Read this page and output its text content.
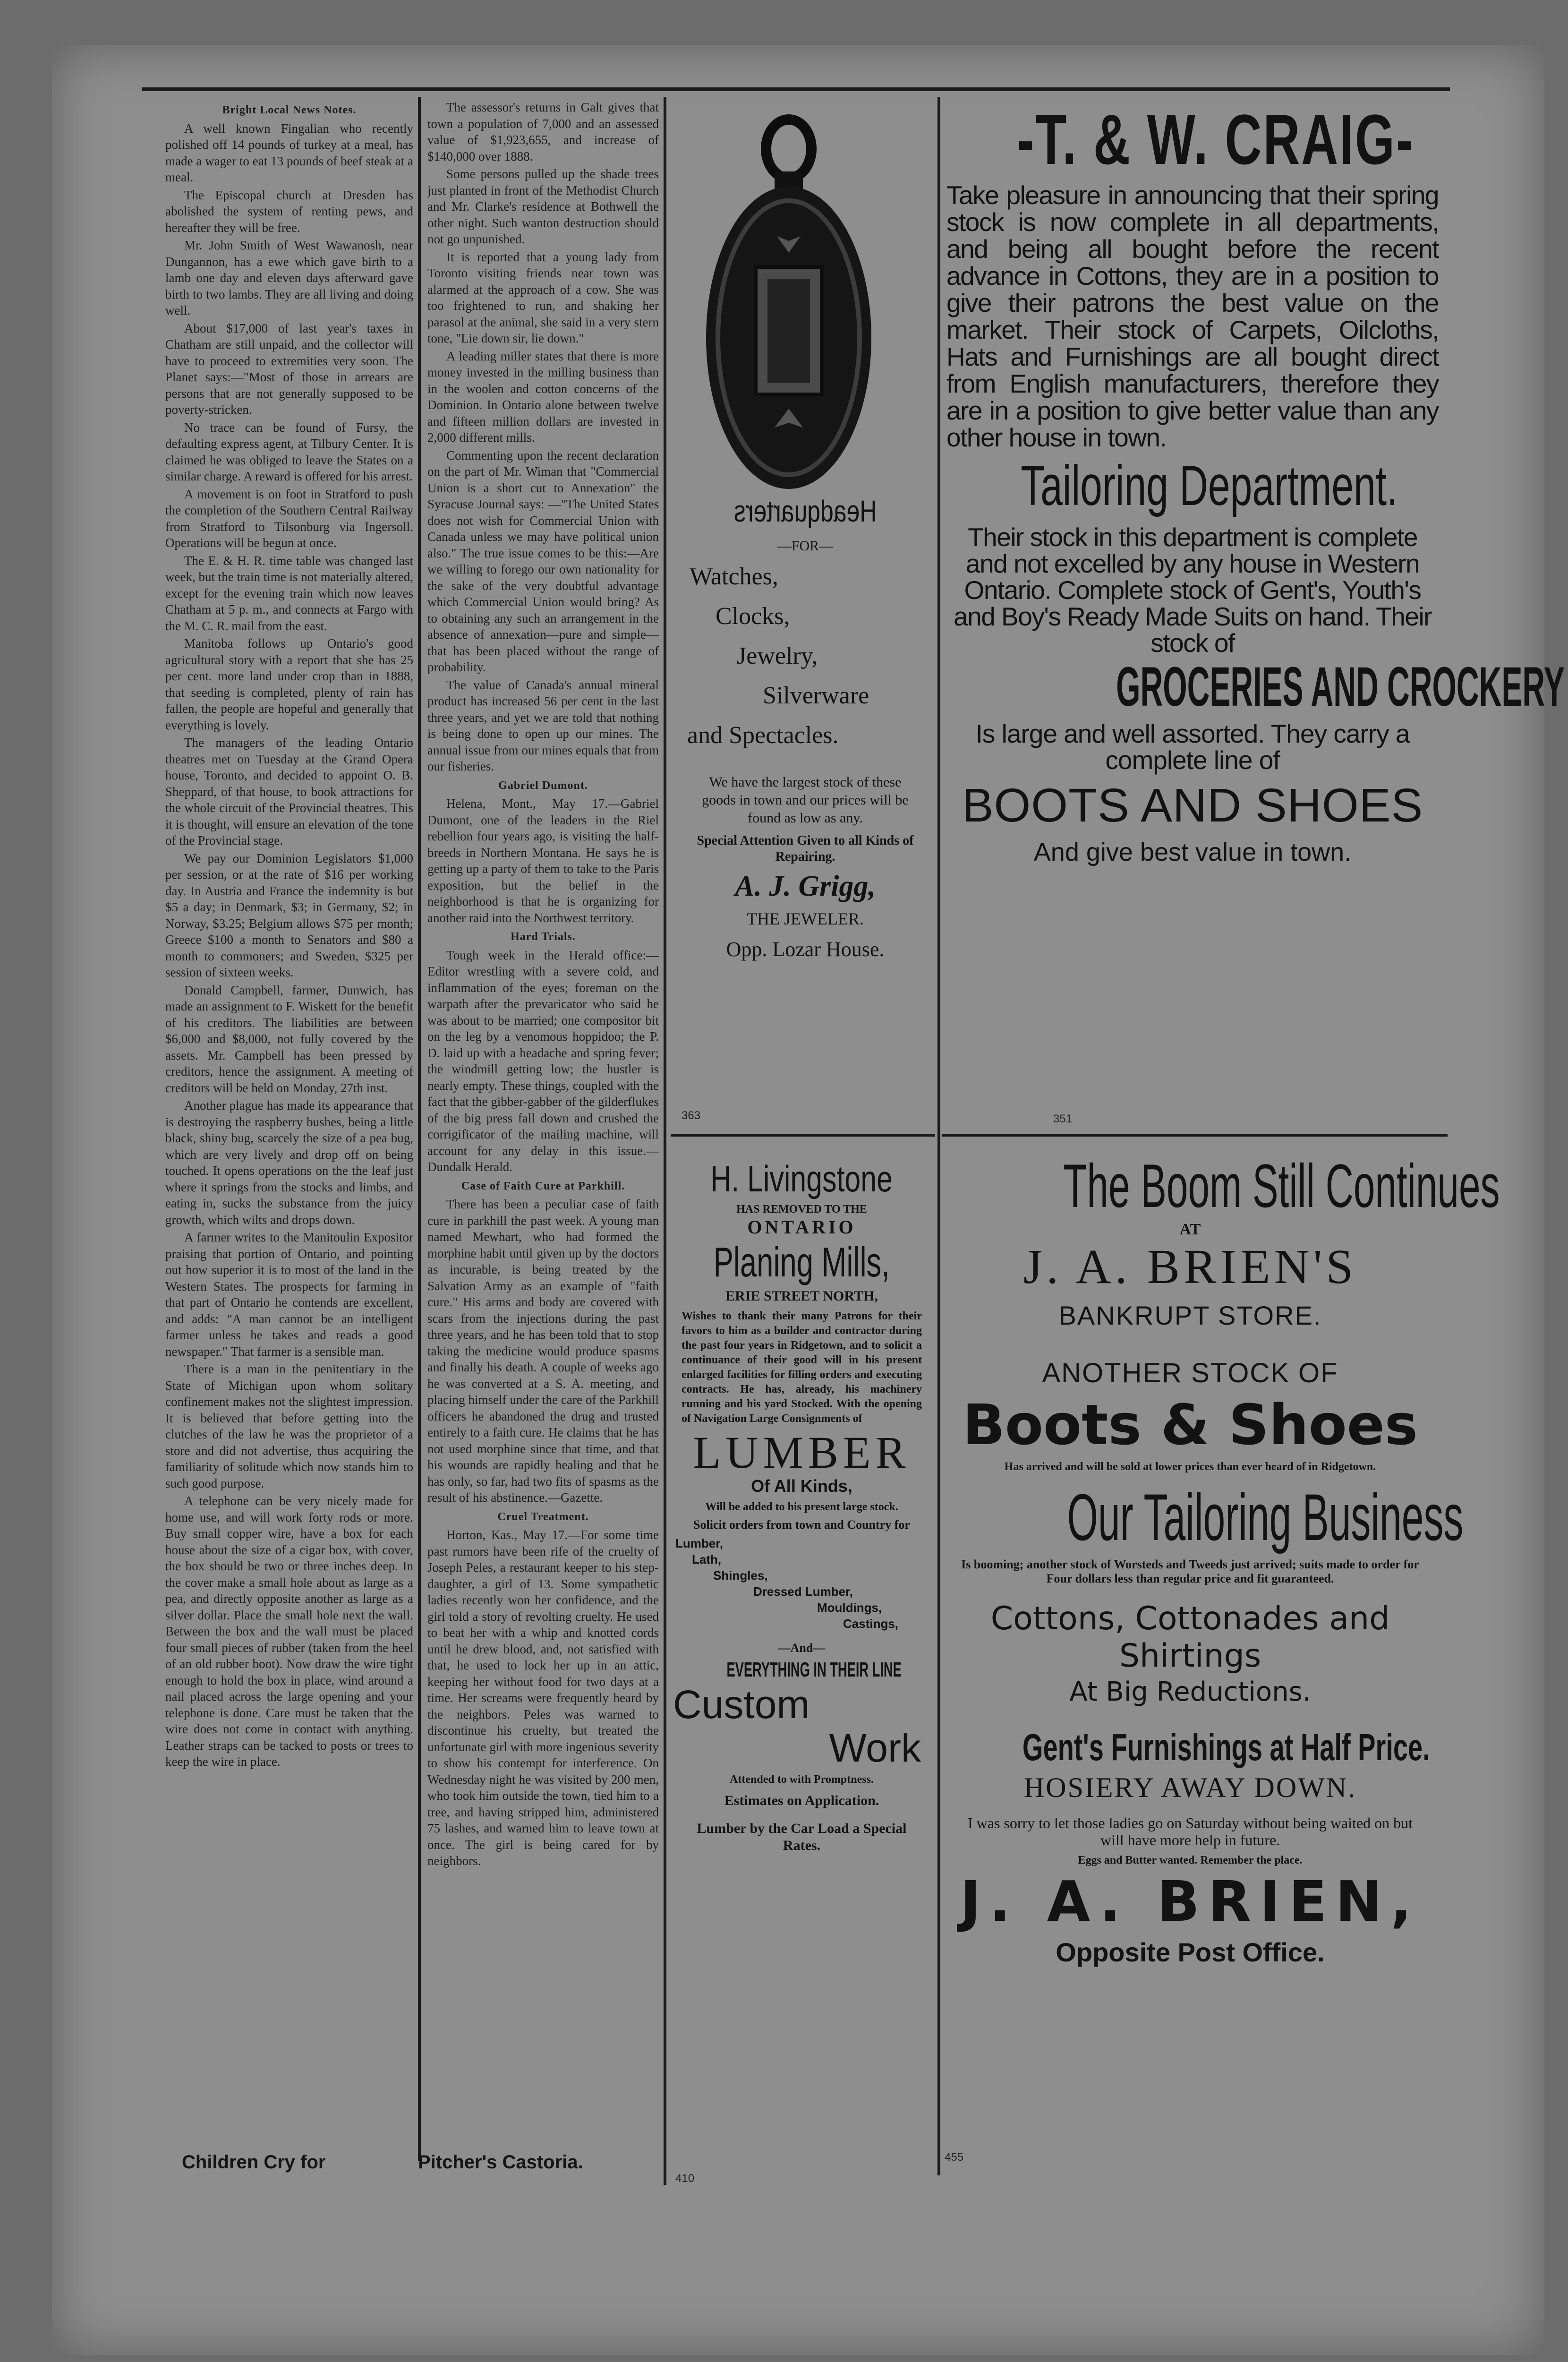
Bright Local News Notes.

A well known Fingalian who recently polished off 14 pounds of turkey at a meal, has made a wager to eat 13 pounds of beef steak at a meal.

The Episcopal church at Dresden has abolished the system of renting pews, and hereafter they will be free.

Mr. John Smith of West Wawanosh, near Dungannon, has a ewe which gave birth to a lamb one day and eleven days afterward gave birth to two lambs. They are all living and doing well.

About $17,000 of last year's taxes in Chatham are still unpaid, and the collector will have to proceed to extremities very soon. The Planet says:—"Most of those in arrears are persons that are not generally supposed to be poverty-stricken.

No trace can be found of Fursy, the defaulting express agent, at Tilbury Center. It is claimed he was obliged to leave the States on a similar charge. A reward is offered for his arrest.

A movement is on foot in Stratford to push the completion of the Southern Central Railway from Stratford to Tilsonburg via Ingersoll. Operations will be begun at once.

The E. & H. R. time table was changed last week, but the train time is not materially altered, except for the evening train which now leaves Chatham at 5 p. m., and connects at Fargo with the M. C. R. mail from the east.

Manitoba follows up Ontario's good agricultural story with a report that she has 25 per cent. more land under crop than in 1888, that seeding is completed, plenty of rain has fallen, the people are hopeful and generally that everything is lovely.

The managers of the leading Ontario theatres met on Tuesday at the Grand Opera house, Toronto, and decided to appoint O. B. Sheppard, of that house, to book attractions for the whole circuit of the Provincial theatres. This it is thought, will ensure an elevation of the tone of the Provincial stage.

We pay our Dominion Legislators $1,000 per session, or at the rate of $16 per working day. In Austria and France the indemnity is but $5 a day; in Denmark, $3; in Germany, $2; in Norway, $3.25; Belgium allows $75 per month; Greece $100 a month to Senators and $80 a month to commoners; and Sweden, $325 per session of sixteen weeks.

Donald Campbell, farmer, Dunwich, has made an assignment to F. Wiskett for the benefit of his creditors. The liabilities are between $6,000 and $8,000, not fully covered by the assets. Mr. Campbell has been pressed by creditors, hence the assignment. A meeting of creditors will be held on Monday, 27th inst.

Another plague has made its appearance that is destroying the raspberry bushes, being a little black, shiny bug, scarcely the size of a pea bug, which are very lively and drop off on being touched. It opens operations on the the leaf just where it springs from the stocks and limbs, and eating in, sucks the substance from the juicy growth, which wilts and drops down.

A farmer writes to the Manitoulin Expositor praising that portion of Ontario, and pointing out how superior it is to most of the land in the Western States. The prospects for farming in that part of Ontario he contends are excellent, and adds: "A man cannot be an intelligent farmer unless he takes and reads a good newspaper." That farmer is a sensible man.

There is a man in the penitentiary in the State of Michigan upon whom solitary confinement makes not the slightest impression. It is believed that before getting into the clutches of the law he was the proprietor of a store and did not advertise, thus acquiring the familiarity of solitude which now stands him to such good purpose.

A telephone can be very nicely made for home use, and will work forty rods or more. Buy small copper wire, have a box for each house about the size of a cigar box, with cover, the box should be two or three inches deep. In the cover make a small hole about as large as a pea, and directly opposite another as large as a silver dollar. Place the small hole next the wall. Between the box and the wall must be placed four small pieces of rubber (taken from the heel of an old rubber boot). Now draw the wire tight enough to hold the box in place, wind around a nail placed across the large opening and your telephone is done. Care must be taken that the wire does not come in contact with anything. Leather straps can be tacked to posts or trees to keep the wire in place.

Children Cry for

The assessor's returns in Galt gives that town a population of 7,000 and an assessed value of $1,923,655, and increase of $140,000 over 1888.

Some persons pulled up the shade trees just planted in front of the Methodist Church and Mr. Clarke's residence at Bothwell the other night. Such wanton destruction should not go unpunished.

It is reported that a young lady from Toronto visiting friends near town was alarmed at the approach of a cow. She was too frightened to run, and shaking her parasol at the animal, she said in a very stern tone, "Lie down sir, lie down."

A leading miller states that there is more money invested in the milling business than in the woolen and cotton concerns of the Dominion. In Ontario alone between twelve and fifteen million dollars are invested in 2,000 different mills.

Commenting upon the recent declaration on the part of Mr. Wiman that "Commercial Union is a short cut to Annexation" the Syracuse Journal says: —"The United States does not wish for Commercial Union with Canada unless we may have political union also." The true issue comes to be this:—Are we willing to forego our own nationality for the sake of the very doubtful advantage which Commercial Union would bring? As to obtaining any such an arrangement in the absence of annexation—pure and simple—that has been placed without the range of probability.

The value of Canada's annual mineral product has increased 56 per cent in the last three years, and yet we are told that nothing is being done to open up our mines. The annual issue from our mines equals that from our fisheries.

Gabriel Dumont.

Helena, Mont., May 17.—Gabriel Dumont, one of the leaders in the Riel rebellion four years ago, is visiting the half-breeds in Northern Montana. He says he is getting up a party of them to take to the Paris exposition, but the belief in the neighborhood is that he is organizing for another raid into the Northwest territory.

Hard Trials.

Tough week in the Herald office:—Editor wrestling with a severe cold, and inflammation of the eyes; foreman on the warpath after the prevaricator who said he was about to be married; one compositor bit on the leg by a venomous hoppidoo; the P. D. laid up with a headache and spring fever; the windmill getting low; the hustler is nearly empty. These things, coupled with the fact that the gibber-gabber of the gilderflukes of the big press fall down and crushed the corrigificator of the mailing machine, will account for any delay in this issue.—Dundalk Herald.

Case of Faith Cure at Parkhill.

There has been a peculiar case of faith cure in parkhill the past week. A young man named Mewhart, who had formed the morphine habit until given up by the doctors as incurable, is being treated by the Salvation Army as an example of "faith cure." His arms and body are covered with scars from the injections during the past three years, and he has been told that to stop taking the medicine would produce spasms and finally his death. A couple of weeks ago he was converted at a S. A. meeting, and placing himself under the care of the Parkhill officers he abandoned the drug and trusted entirely to a faith cure. He claims that he has not used morphine since that time, and that his wounds are rapidly healing and that he has only, so far, had two fits of spasms as the result of his abstinence.—Gazette.

Cruel Treatment.

Horton, Kas., May 17.—For some time past rumors have been rife of the cruelty of Joseph Peles, a restaurant keeper to his step-daughter, a girl of 13. Some sympathetic ladies recently won her confidence, and the girl told a story of revolting cruelty. He used to beat her with a whip and knotted cords until he drew blood, and, not satisfied with that, he used to lock her up in an attic, keeping her without food for two days at a time. Her screams were frequently heard by the neighbors. Peles was warned to discontinue his cruelty, but treated the unfortunate girl with more ingenious severity to show his contempt for interference. On Wednesday night he was visited by 200 men, who took him outside the town, tied him to a tree, and having stripped him, administered 75 lashes, and warned him to leave town at once. The girl is being cared for by neighbors.

Pitcher's Castoria.
Headquarters
—FOR—
Watches,
Clocks,
Jewelry,
Silverware
and Spectacles.

We have the largest stock of these goods in town and our prices will be found as low as any.

Special Attention Given to all Kinds of Repairing.

A. J. Grigg,
THE JEWELER.
Opp. Lozar House.
363
H. Livingstone
HAS REMOVED TO THE
ONTARIO
Planing Mills,
ERIE STREET NORTH,

Wishes to thank their many Patrons for their favors to him as a builder and contractor during the past four years in Ridgetown, and to solicit a continuance of their good will in his present enlarged facilities for filling orders and executing contracts. He has, already, his machinery running and his yard Stocked. With the opening of Navigation Large Consignments of

LUMBER
Of All Kinds,
Will be added to his present large stock.

Solicit orders from town and Country for

Lumber,
Lath,
Shingles,
Dressed Lumber,
Mouldings,
Castings,
—And—
EVERYTHING IN THEIR LINE
Custom
Work
Attended to with Promptness.
Estimates on Application.

Lumber by the Car Load a Special Rates.

410
-T. & W. CRAIG-

Take pleasure in announcing that their spring stock is now complete in all departments, and being all bought before the recent advance in Cottons, they are in a position to give their patrons the best value on the market. Their stock of Carpets, Oilcloths, Hats and Furnishings are all bought direct from English manufacturers, therefore they are in a position to give better value than any other house in town.

Tailoring Department.

Their stock in this department is complete and not excelled by any house in Western Ontario. Complete stock of Gent's, Youth's and Boy's Ready Made Suits on hand. Their stock of

GROCERIES AND CROCKERY

Is large and well assorted. They carry a complete line of

BOOTS AND SHOES
And give best value in town.
351
The Boom Still Continues
AT
J. A. BRIEN'S
BANKRUPT STORE.
ANOTHER STOCK OF
Boots & Shoes

Has arrived and will be sold at lower prices than ever heard of in Ridgetown.

Our Tailoring Business

Is booming; another stock of Worsteds and Tweeds just arrived; suits made to order for Four dollars less than regular price and fit guaranteed.

Cottons, Cottonades and
Shirtings
At Big Reductions.
Gent's Furnishings at Half Price.
HOSIERY AWAY DOWN.

I was sorry to let those ladies go on Saturday without being waited on but will have more help in future.

Eggs and Butter wanted. Remember the place.
J. A. BRIEN,
Opposite Post Office.
455
